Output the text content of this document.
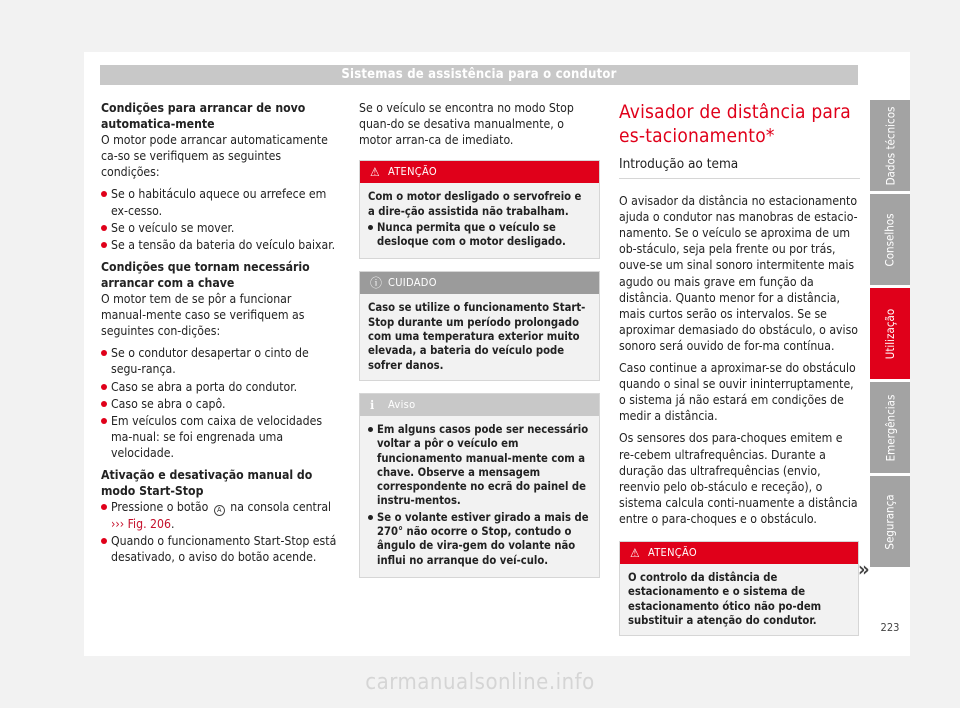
Sistemas de assistência para o condutor

Condições para arrancar de novo automatica-mente

O motor pode arrancar automaticamente ca-so se verifiquem as seguintes condições:

Se o habitáculo aquece ou arrefece em ex-cesso.
Se o veículo se mover.
Se a tensão da bateria do veículo baixar.

Condições que tornam necessário arrancar com a chave

O motor tem de se pôr a funcionar manual-mente caso se verifiquem as seguintes con-dições:

Se o condutor desapertar o cinto de segu-rança.
Caso se abra a porta do condutor.
Caso se abra o capô.
Em veículos com caixa de velocidades ma-nual: se foi engrenada uma velocidade.

Ativação e desativação manual do modo Start-Stop

Pressione o botão A na consola central
››› Fig. 206.
Quando o funcionamento Start-Stop está desativado, o aviso do botão acende.

Se o veículo se encontra no modo Stop quan-do se desativa manualmente, o motor arran-ca de imediato.

⚠ ATENÇÃO
Com o motor desligado o servofreio e a dire-ção assistida não trabalham.
Nunca permita que o veículo se desloque com o motor desligado.
ⓘ CUIDADO
Caso se utilize o funcionamento Start-Stop durante um período prolongado com uma temperatura exterior muito elevada, a bateria do veículo pode sofrer danos.
ℹ	Aviso
Em alguns casos pode ser necessário voltar a pôr o veículo em funcionamento manual-mente com a chave. Observe a mensagem correspondente no ecrã do painel de instru-mentos.
Se o volante estiver girado a mais de 270° não ocorre o Stop, contudo o ângulo de vira-gem do volante não influi no arranque do veí-culo.
Avisador de distância para es-tacionamento*
Introdução ao tema

O avisador da distância no estacionamento ajuda o condutor nas manobras de estacio-namento. Se o veículo se aproxima de um ob-stáculo, seja pela frente ou por trás, ouve-se um sinal sonoro intermitente mais agudo ou mais grave em função da distância. Quanto menor for a distância, mais curtos serão os intervalos. Se se aproximar demasiado do obstáculo, o aviso sonoro será ouvido de for-ma contínua.

Caso continue a aproximar-se do obstáculo quando o sinal se ouvir ininterruptamente, o sistema já não estará em condições de medir a distância.

Os sensores dos para-choques emitem e re-cebem ultrafrequências. Durante a duração das ultrafrequências (envio, reenvio pelo ob-stáculo e receção), o sistema calcula conti-nuamente a distância entre o para-choques e o obstáculo.

⚠ ATENÇÃO
O controlo da distância de estacionamento e o sistema de estacionamento ótico não po-dem substituir a atenção do condutor.
»
Dados técnicos
Conselhos
Utilização
Emergências
Segurança
223
carmanualsonline.info
